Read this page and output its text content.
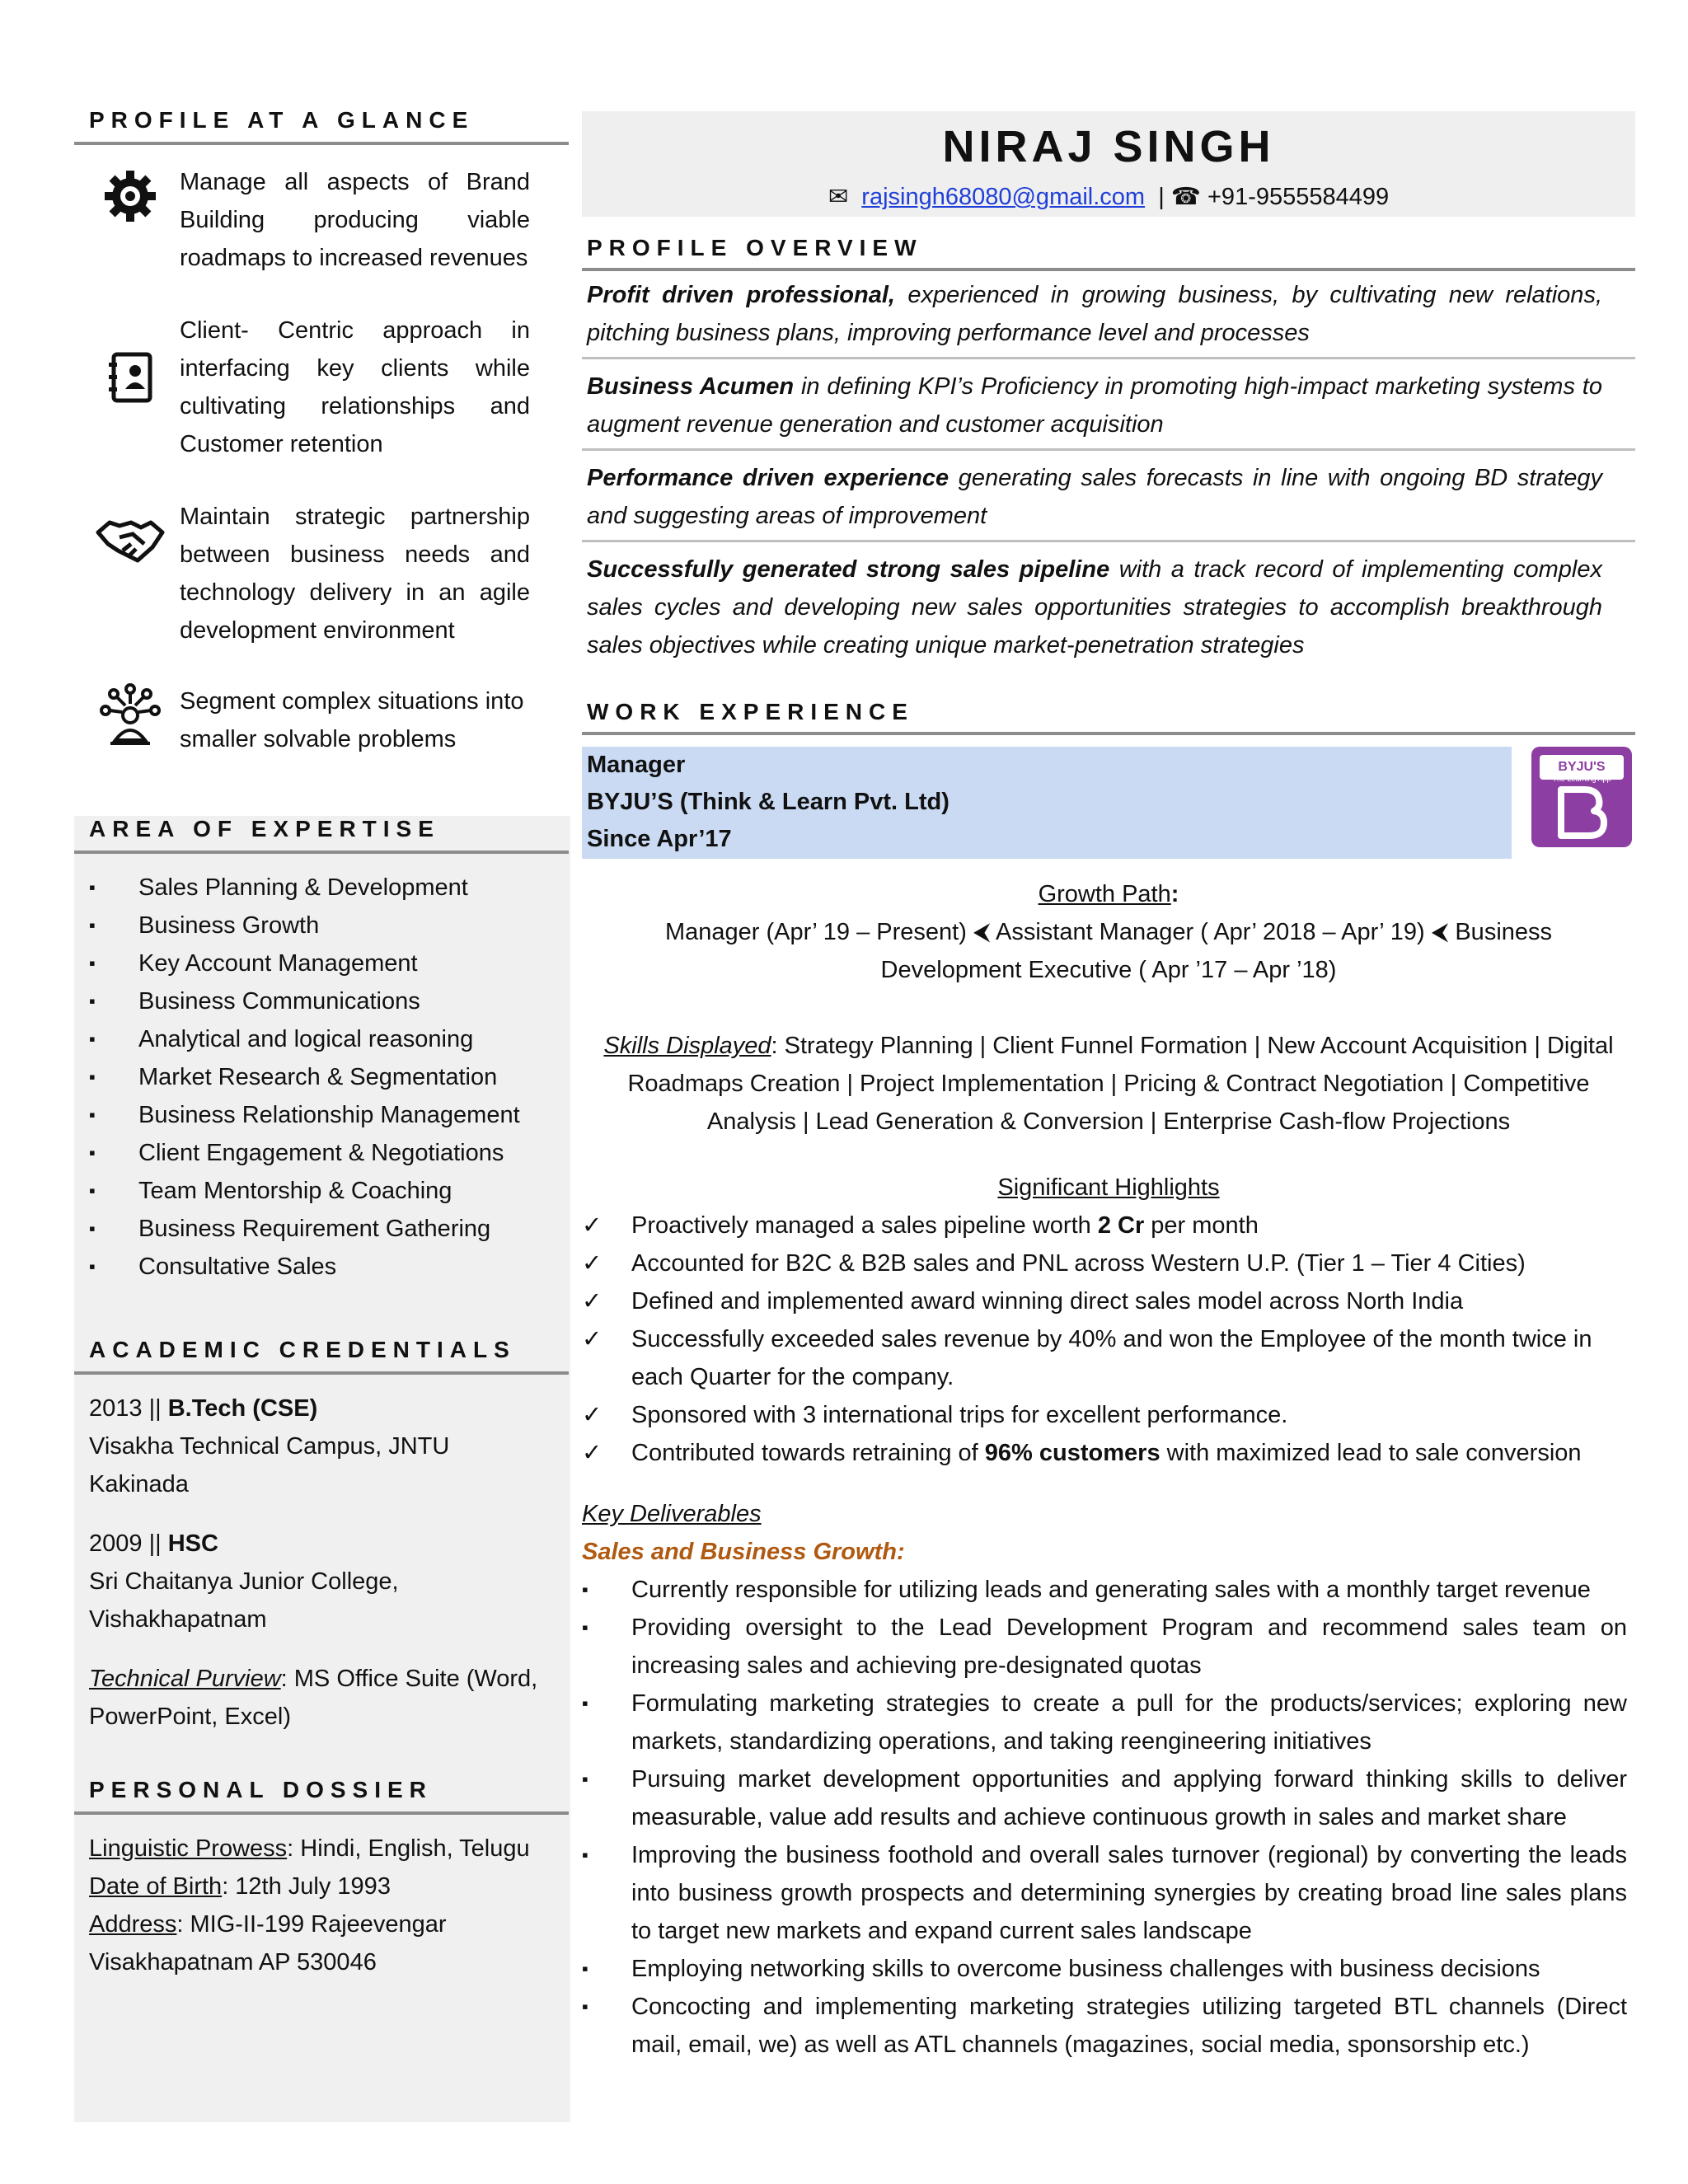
PROFILE AT A GLANCE
Manage all aspects of Brand Building producing viable roadmaps to increased revenues
Client- Centric approach in interfacing key clients while cultivating relationships and Customer retention
Maintain strategic partnership between business needs and technology delivery in an agile development environment
Segment complex situations into smaller solvable problems
AREA OF EXPERTISE
▪ Sales Planning & Development
▪ Business Growth
▪ Key Account Management
▪ Business Communications
▪ Analytical and logical reasoning
▪ Market Research & Segmentation
▪ Business Relationship Management
▪ Client Engagement & Negotiations
▪ Team Mentorship & Coaching
▪ Business Requirement Gathering
▪ Consultative Sales
ACADEMIC CREDENTIALS

2013 || B.Tech (CSE)

Visakha Technical Campus, JNTU

Kakinada

2009 || HSC

Sri Chaitanya Junior College,

Vishakhapatnam

Technical Purview: MS Office Suite (Word, PowerPoint, Excel)

PERSONAL DOSSIER

Linguistic Prowess: Hindi, English, Telugu

Date of Birth: 12th July 1993

Address: MIG-II-199 Rajeevengar

Visakhapatnam AP 530046

NIRAJ SINGH
✉ rajsingh68080@gmail.com | ☎ +91-9555584499
PROFILE OVERVIEW
Profit driven professional, experienced in growing business, by cultivating new relations, pitching business plans, improving performance level and processes
Business Acumen in defining KPI’s Proficiency in promoting high-impact marketing systems to augment revenue generation and customer acquisition
Performance driven experience generating sales forecasts in line with ongoing BD strategy and suggesting areas of improvement
Successfully generated strong sales pipeline with a track record of implementing complex sales cycles and developing new sales opportunities strategies to accomplish breakthrough sales objectives while creating unique market-penetration strategies
WORK EXPERIENCE
Manager
BYJU’S (Think & Learn Pvt. Ltd)
Since Apr’17
BYJU'S
The Learning App
Growth Path:
Manager (Apr’ 19 – Present) ⮜ Assistant Manager ( Apr’ 2018 – Apr’ 19) ⮜ Business Development Executive ( Apr ’17 – Apr ’18)
Skills Displayed: Strategy Planning | Client Funnel Formation | New Account Acquisition | Digital Roadmaps Creation | Project Implementation | Pricing & Contract Negotiation | Competitive Analysis | Lead Generation & Conversion | Enterprise Cash-flow Projections
Significant Highlights
✓ Proactively managed a sales pipeline worth 2 Cr per month
✓ Accounted for B2C & B2B sales and PNL across Western U.P. (Tier 1 – Tier 4 Cities)
✓ Defined and implemented award winning direct sales model across North India
✓ Successfully exceeded sales revenue by 40% and won the Employee of the month twice in each Quarter for the company.
✓ Sponsored with 3 international trips for excellent performance.
✓ Contributed towards retraining of 96% customers with maximized lead to sale conversion
Key Deliverables
Sales and Business Growth:
▪ Currently responsible for utilizing leads and generating sales with a monthly target revenue
▪ Providing oversight to the Lead Development Program and recommend sales team on increasing sales and achieving pre-designated quotas
▪ Formulating marketing strategies to create a pull for the products/services; exploring new markets, standardizing operations, and taking reengineering initiatives
▪ Pursuing market development opportunities and applying forward thinking skills to deliver measurable, value add results and achieve continuous growth in sales and market share
▪ Improving the business foothold and overall sales turnover (regional) by converting the leads into business growth prospects and determining synergies by creating broad line sales plans to target new markets and expand current sales landscape
▪ Employing networking skills to overcome business challenges with business decisions
▪ Concocting and implementing marketing strategies utilizing targeted BTL channels (Direct mail, email, we) as well as ATL channels (magazines, social media, sponsorship etc.)
